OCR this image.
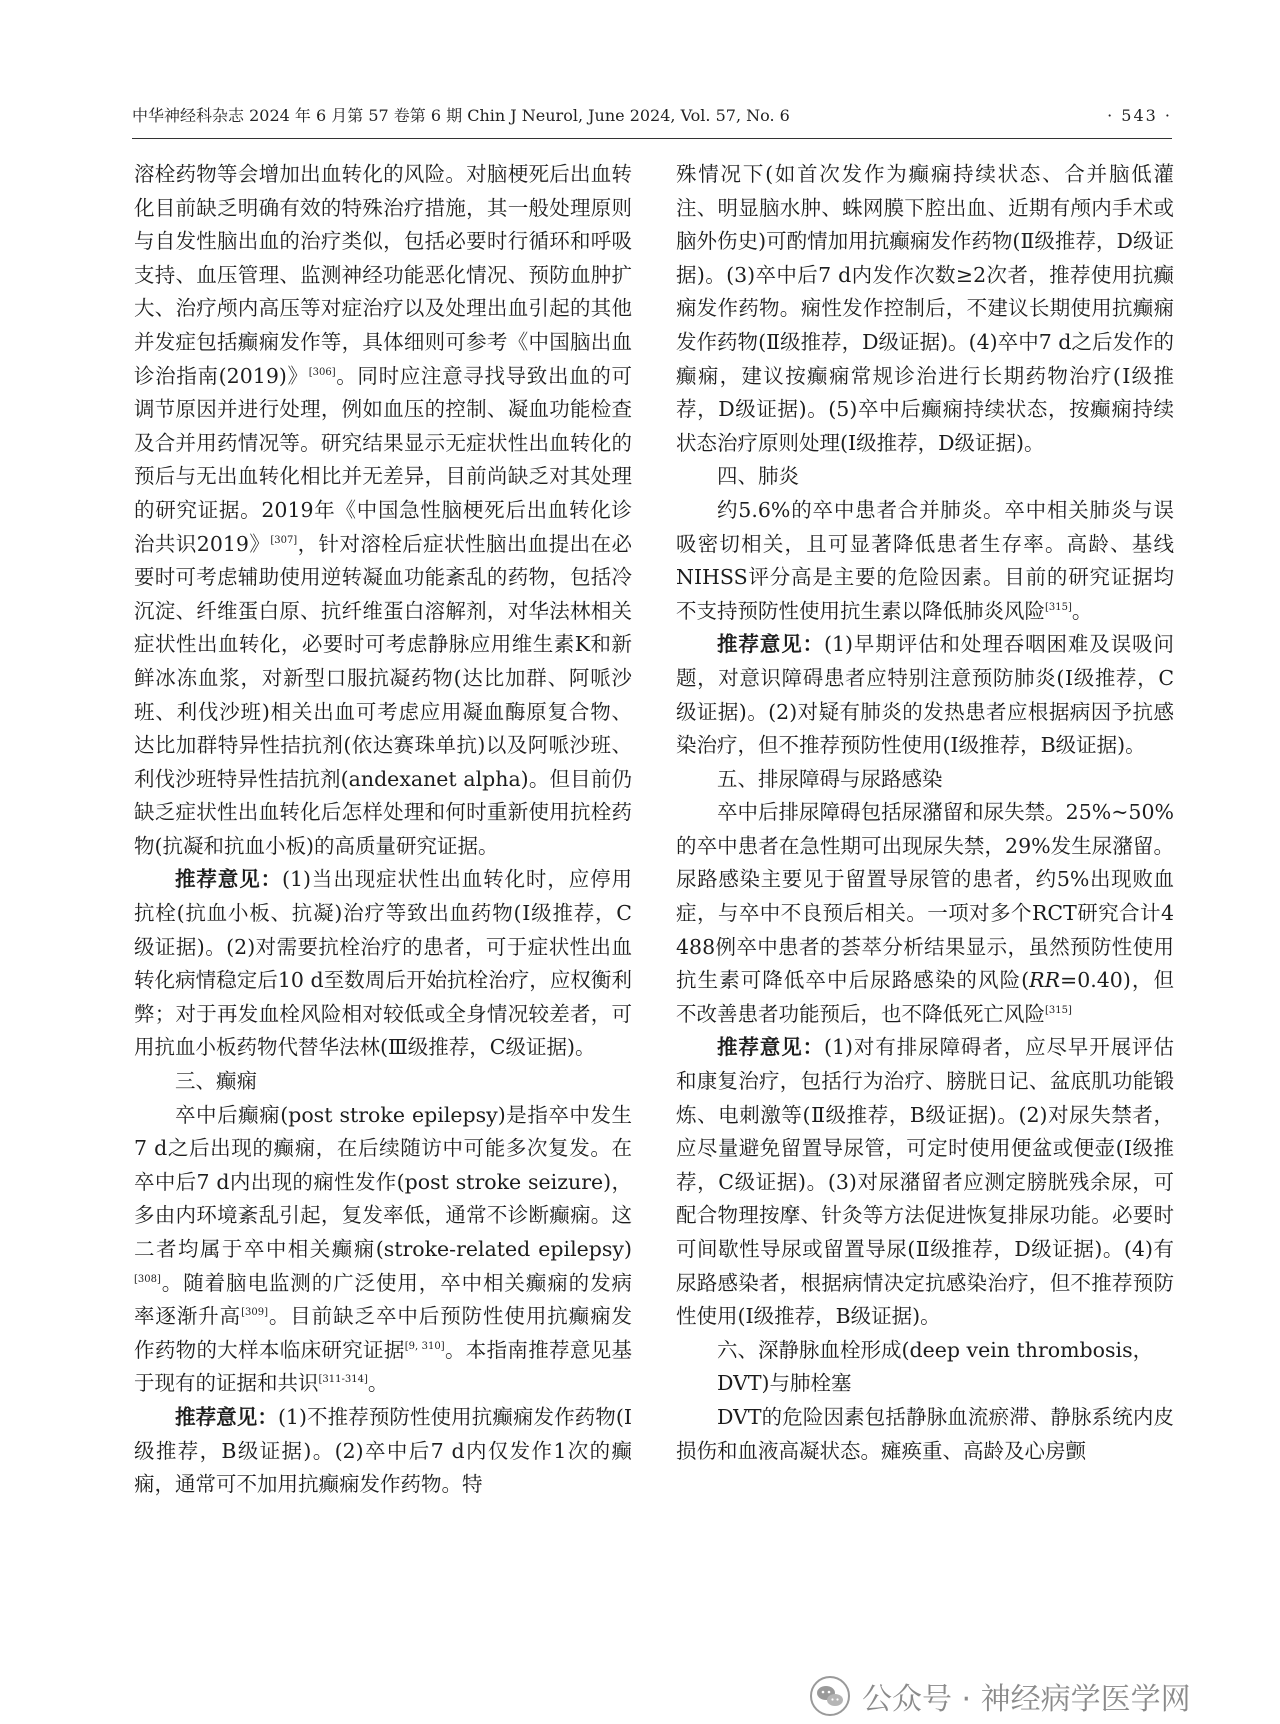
中华神经科杂志 2024 年 6 月第 57 卷第 6 期 Chin J Neurol, June 2024, Vol. 57, No. 6	· 543 ·

溶栓药物等会增加出血转化的风险。对脑梗死后出血转化目前缺乏明确有效的特殊治疗措施，其一般处理原则与自发性脑出血的治疗类似，包括必要时行循环和呼吸支持、血压管理、监测神经功能恶化情况、预防血肿扩大、治疗颅内高压等对症治疗以及处理出血引起的其他并发症包括癫痫发作等，具体细则可参考《中国脑出血诊治指南(2019)》[306]。同时应注意寻找导致出血的可调节原因并进行处理，例如血压的控制、凝血功能检查及合并用药情况等。研究结果显示无症状性出血转化的预后与无出血转化相比并无差异，目前尚缺乏对其处理的研究证据。2019年《中国急性脑梗死后出血转化诊治共识2019》[307]，针对溶栓后症状性脑出血提出在必要时可考虑辅助使用逆转凝血功能紊乱的药物，包括冷沉淀、纤维蛋白原、抗纤维蛋白溶解剂，对华法林相关症状性出血转化，必要时可考虑静脉应用维生素K和新鲜冰冻血浆，对新型口服抗凝药物(达比加群、阿哌沙班、利伐沙班)相关出血可考虑应用凝血酶原复合物、达比加群特异性拮抗剂(依达赛珠单抗)以及阿哌沙班、利伐沙班特异性拮抗剂(andexanet alpha)。但目前仍缺乏症状性出血转化后怎样处理和何时重新使用抗栓药物(抗凝和抗血小板)的高质量研究证据。

推荐意见：(1)当出现症状性出血转化时，应停用抗栓(抗血小板、抗凝)治疗等致出血药物(Ⅰ级推荐，C级证据)。(2)对需要抗栓治疗的患者，可于症状性出血转化病情稳定后10 d至数周后开始抗栓治疗，应权衡利弊；对于再发血栓风险相对较低或全身情况较差者，可用抗血小板药物代替华法林(Ⅲ级推荐，C级证据)。

三、癫痫

卒中后癫痫(post stroke epilepsy)是指卒中发生7 d之后出现的癫痫，在后续随访中可能多次复发。在卒中后7 d内出现的痫性发作(post stroke seizure)，多由内环境紊乱引起，复发率低，通常不诊断癫痫。这二者均属于卒中相关癫痫(stroke-related epilepsy)[308]。随着脑电监测的广泛使用，卒中相关癫痫的发病率逐渐升高[309]。目前缺乏卒中后预防性使用抗癫痫发作药物的大样本临床研究证据[9, 310]。本指南推荐意见基于现有的证据和共识[311-314]。

推荐意见：(1)不推荐预防性使用抗癫痫发作药物(Ⅰ级推荐，B级证据)。(2)卒中后7 d内仅发作1次的癫痫，通常可不加用抗癫痫发作药物。特

殊情况下(如首次发作为癫痫持续状态、合并脑低灌注、明显脑水肿、蛛网膜下腔出血、近期有颅内手术或脑外伤史)可酌情加用抗癫痫发作药物(Ⅱ级推荐，D级证据)。(3)卒中后7 d内发作次数≥2次者，推荐使用抗癫痫发作药物。痫性发作控制后，不建议长期使用抗癫痫发作药物(Ⅱ级推荐，D级证据)。(4)卒中7 d之后发作的癫痫，建议按癫痫常规诊治进行长期药物治疗(Ⅰ级推荐，D级证据)。(5)卒中后癫痫持续状态，按癫痫持续状态治疗原则处理(Ⅰ级推荐，D级证据)。

四、肺炎

约5.6%的卒中患者合并肺炎。卒中相关肺炎与误吸密切相关，且可显著降低患者生存率。高龄、基线NIHSS评分高是主要的危险因素。目前的研究证据均不支持预防性使用抗生素以降低肺炎风险[315]。

推荐意见：(1)早期评估和处理吞咽困难及误吸问题，对意识障碍患者应特别注意预防肺炎(Ⅰ级推荐，C级证据)。(2)对疑有肺炎的发热患者应根据病因予抗感染治疗，但不推荐预防性使用(Ⅰ级推荐，B级证据)。

五、排尿障碍与尿路感染

卒中后排尿障碍包括尿潴留和尿失禁。25%~50%的卒中患者在急性期可出现尿失禁，29%发生尿潴留。尿路感染主要见于留置导尿管的患者，约5%出现败血症，与卒中不良预后相关。一项对多个RCT研究合计4 488例卒中患者的荟萃分析结果显示，虽然预防性使用抗生素可降低卒中后尿路感染的风险(RR=0.40)，但不改善患者功能预后，也不降低死亡风险[315]

推荐意见：(1)对有排尿障碍者，应尽早开展评估和康复治疗，包括行为治疗、膀胱日记、盆底肌功能锻炼、电刺激等(Ⅱ级推荐，B级证据)。(2)对尿失禁者，应尽量避免留置导尿管，可定时使用便盆或便壶(Ⅰ级推荐，C级证据)。(3)对尿潴留者应测定膀胱残余尿，可配合物理按摩、针灸等方法促进恢复排尿功能。必要时可间歇性导尿或留置导尿(Ⅱ级推荐，D级证据)。(4)有尿路感染者，根据病情决定抗感染治疗，但不推荐预防性使用(Ⅰ级推荐，B级证据)。

六、深静脉血栓形成(deep vein thrombosis，DVT)与肺栓塞

DVT的危险因素包括静脉血流瘀滞、静脉系统内皮损伤和血液高凝状态。瘫痪重、高龄及心房颤

公众号 · 神经病学医学网
